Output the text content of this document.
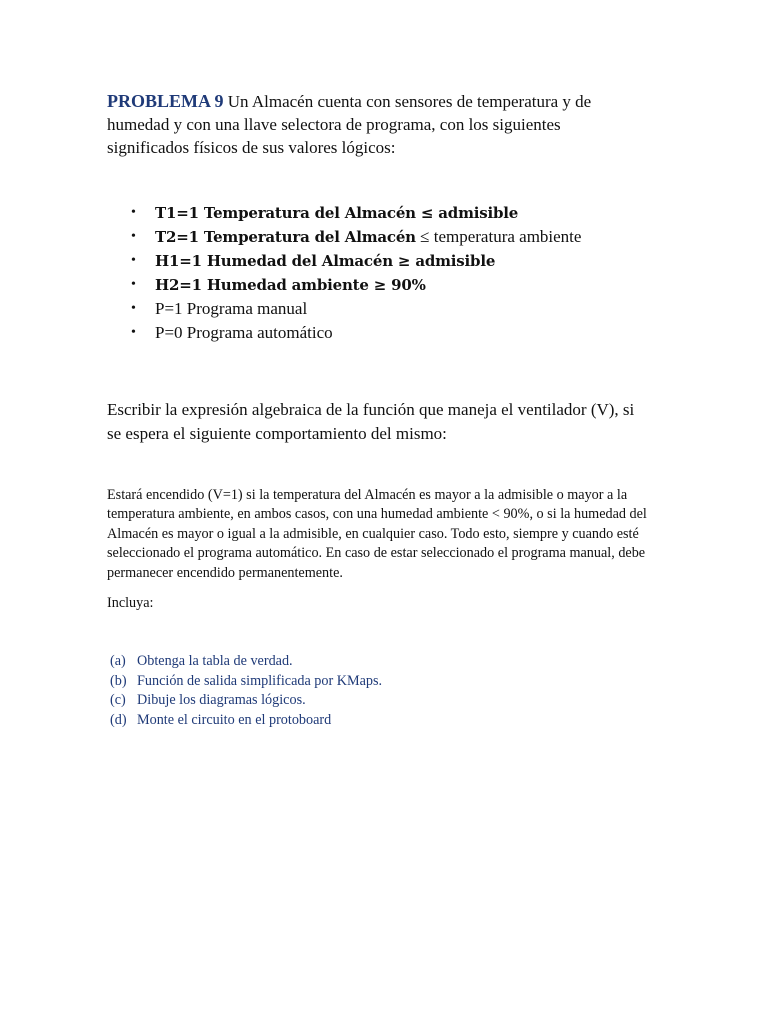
PROBLEMA 9 Un Almacén cuenta con sensores de temperatura y de humedad y con una llave selectora de programa, con los siguientes significados físicos de sus valores lógicos:
• T1=1 Temperatura del Almacén ≤ admisible
• T2=1 Temperatura del Almacén ≤ temperatura ambiente
• H1=1 Humedad del Almacén ≥ admisible
• H2=1 Humedad ambiente ≥ 90%
• P=1 Programa manual
• P=0 Programa automático
Escribir la expresión algebraica de la función que maneja el ventilador (V), si se espera el siguiente comportamiento del mismo:
Estará encendido (V=1) si la temperatura del Almacén es mayor a la admisible o mayor a la temperatura ambiente, en ambos casos, con una humedad ambiente < 90%, o si la humedad del Almacén es mayor o igual a la admisible, en cualquier caso. Todo esto, siempre y cuando esté seleccionado el programa automático. En caso de estar seleccionado el programa manual, debe permanecer encendido permanentemente.
Incluya:
(a) Obtenga la tabla de verdad.
(b) Función de salida simplificada por KMaps.
(c) Dibuje los diagramas lógicos.
(d) Monte el circuito en el protoboard
